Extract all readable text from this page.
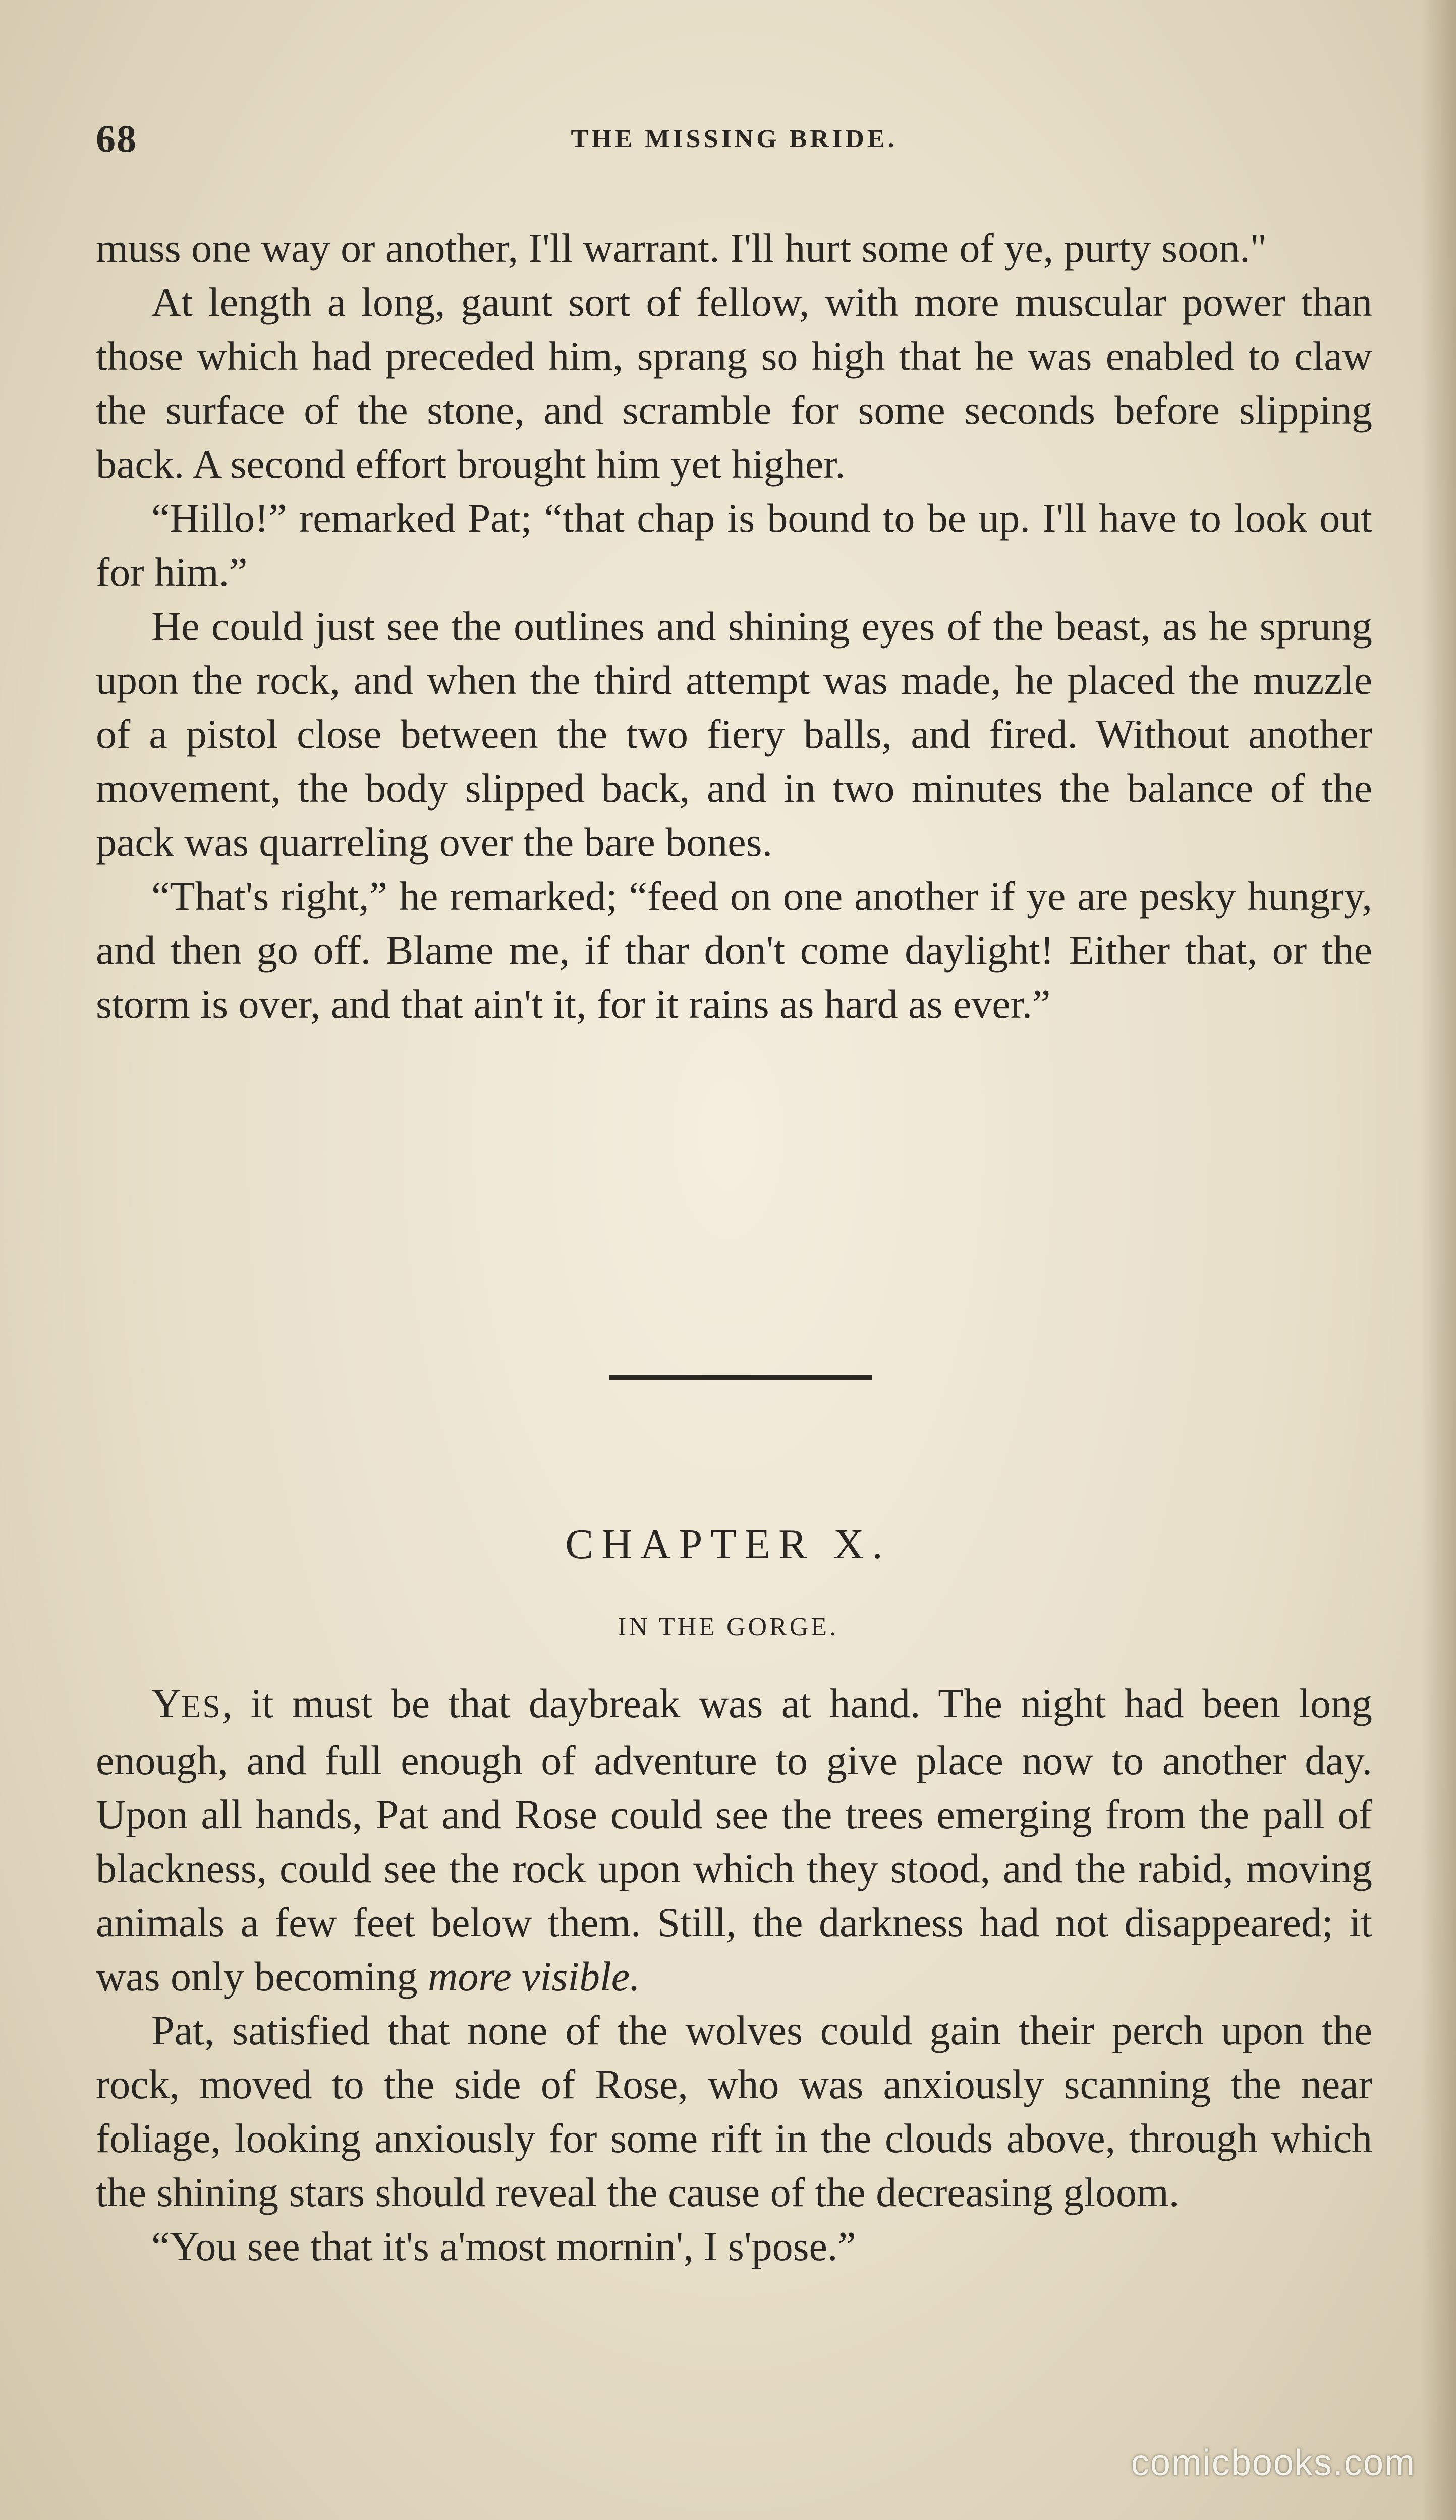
68	THE MISSING BRIDE.

muss one way or another, I'll warrant. I'll hurt some of ye, purty soon."

At length a long, gaunt sort of fellow, with more muscular power than those which had preceded him, sprang so high that he was enabled to claw the surface of the stone, and scramble for some seconds before slipping back. A second effort brought him yet higher.

“Hillo!” remarked Pat; “that chap is bound to be up. I'll have to look out for him.”

He could just see the outlines and shining eyes of the beast, as he sprung upon the rock, and when the third attempt was made, he placed the muzzle of a pistol close between the two fiery balls, and fired. Without another movement, the body slipped back, and in two minutes the balance of the pack was quarreling over the bare bones.

“That's right,” he remarked; “feed on one another if ye are pesky hungry, and then go off. Blame me, if thar don't come daylight! Either that, or the storm is over, and that ain't it, for it rains as hard as ever.”

CHAPTER X.
IN THE GORGE.

YES, it must be that daybreak was at hand. The night had been long enough, and full enough of adventure to give place now to another day. Upon all hands, Pat and Rose could see the trees emerging from the pall of blackness, could see the rock upon which they stood, and the rabid, moving animals a few feet below them. Still, the darkness had not disappeared; it was only becoming more visible.

Pat, satisfied that none of the wolves could gain their perch upon the rock, moved to the side of Rose, who was anxiously scanning the near foliage, looking anxiously for some rift in the clouds above, through which the shining stars should reveal the cause of the decreasing gloom.

“You see that it's a'most mornin', I s'pose.”

comicbooks.com
